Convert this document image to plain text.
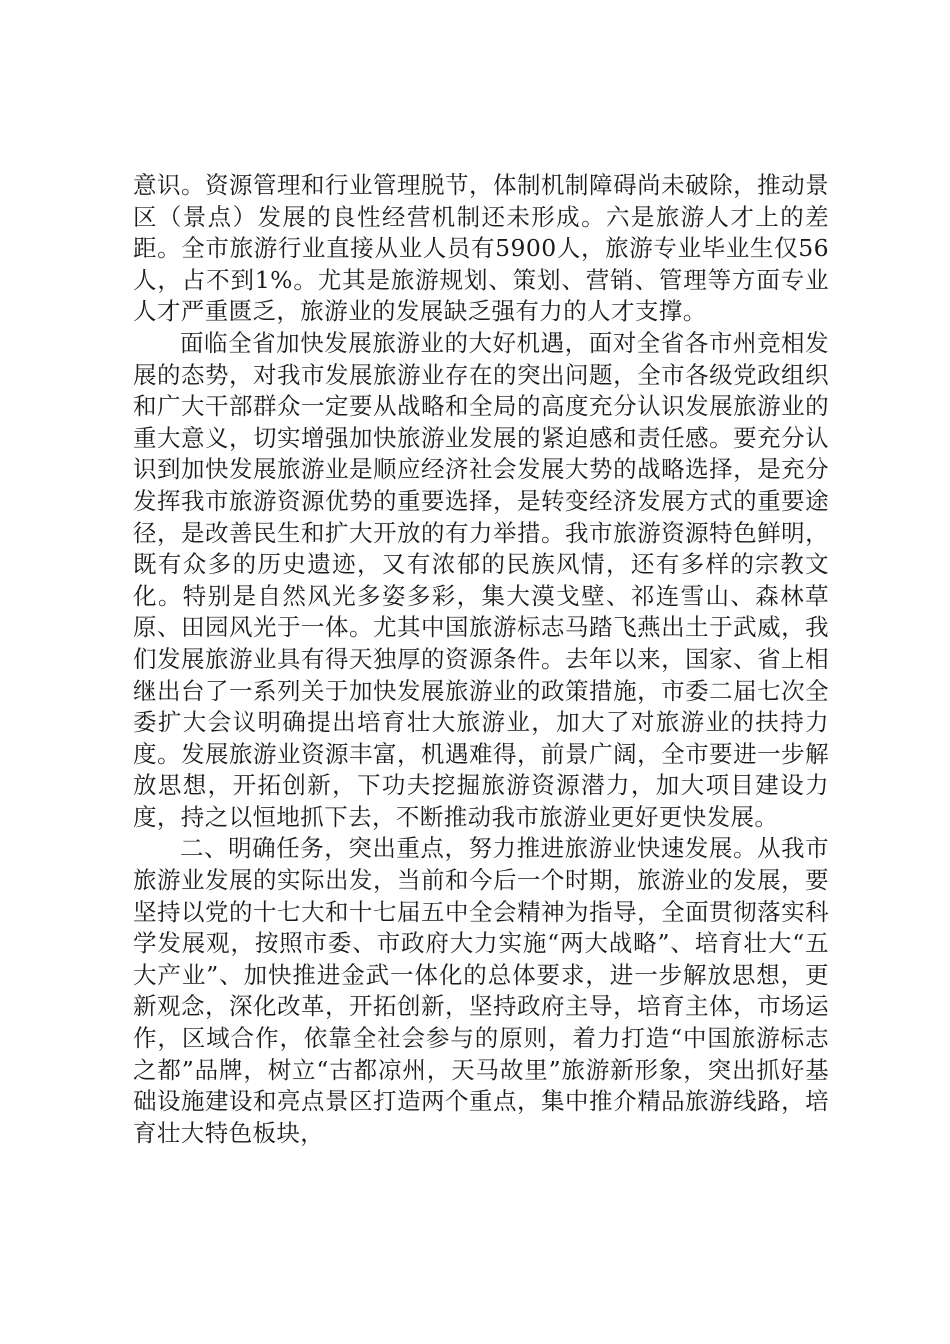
意识。资源管理和行业管理脱节，体制机制障碍尚未破除，推动景区（景点）发展的良性经营机制还未形成。六是旅游人才上的差距。全市旅游行业直接从业人员有5900人，旅游专业毕业生仅56人，占不到1%。尤其是旅游规划、策划、营销、管理等方面专业人才严重匮乏，旅游业的发展缺乏强有力的人才支撑。

面临全省加快发展旅游业的大好机遇，面对全省各市州竞相发展的态势，对我市发展旅游业存在的突出问题，全市各级党政组织和广大干部群众一定要从战略和全局的高度充分认识发展旅游业的重大意义，切实增强加快旅游业发展的紧迫感和责任感。要充分认识到加快发展旅游业是顺应经济社会发展大势的战略选择，是充分发挥我市旅游资源优势的重要选择，是转变经济发展方式的重要途径，是改善民生和扩大开放的有力举措。我市旅游资源特色鲜明，既有众多的历史遗迹，又有浓郁的民族风情，还有多样的宗教文化。特别是自然风光多姿多彩，集大漠戈壁、祁连雪山、森林草原、田园风光于一体。尤其中国旅游标志马踏飞燕出土于武威，我们发展旅游业具有得天独厚的资源条件。去年以来，国家、省上相继出台了一系列关于加快发展旅游业的政策措施，市委二届七次全委扩大会议明确提出培育壮大旅游业，加大了对旅游业的扶持力度。发展旅游业资源丰富，机遇难得，前景广阔，全市要进一步解放思想，开拓创新，下功夫挖掘旅游资源潜力，加大项目建设力度，持之以恒地抓下去，不断推动我市旅游业更好更快发展。

二、明确任务，突出重点，努力推进旅游业快速发展。从我市旅游业发展的实际出发，当前和今后一个时期，旅游业的发展，要坚持以党的十七大和十七届五中全会精神为指导，全面贯彻落实科学发展观，按照市委、市政府大力实施“两大战略”、培育壮大“五大产业”、加快推进金武一体化的总体要求，进一步解放思想，更新观念，深化改革，开拓创新，坚持政府主导，培育主体，市场运作，区域合作，依靠全社会参与的原则，着力打造“中国旅游标志之都”品牌，树立“古都凉州，天马故里”旅游新形象，突出抓好基础设施建设和亮点景区打造两个重点，集中推介精品旅游线路，培育壮大特色板块，
